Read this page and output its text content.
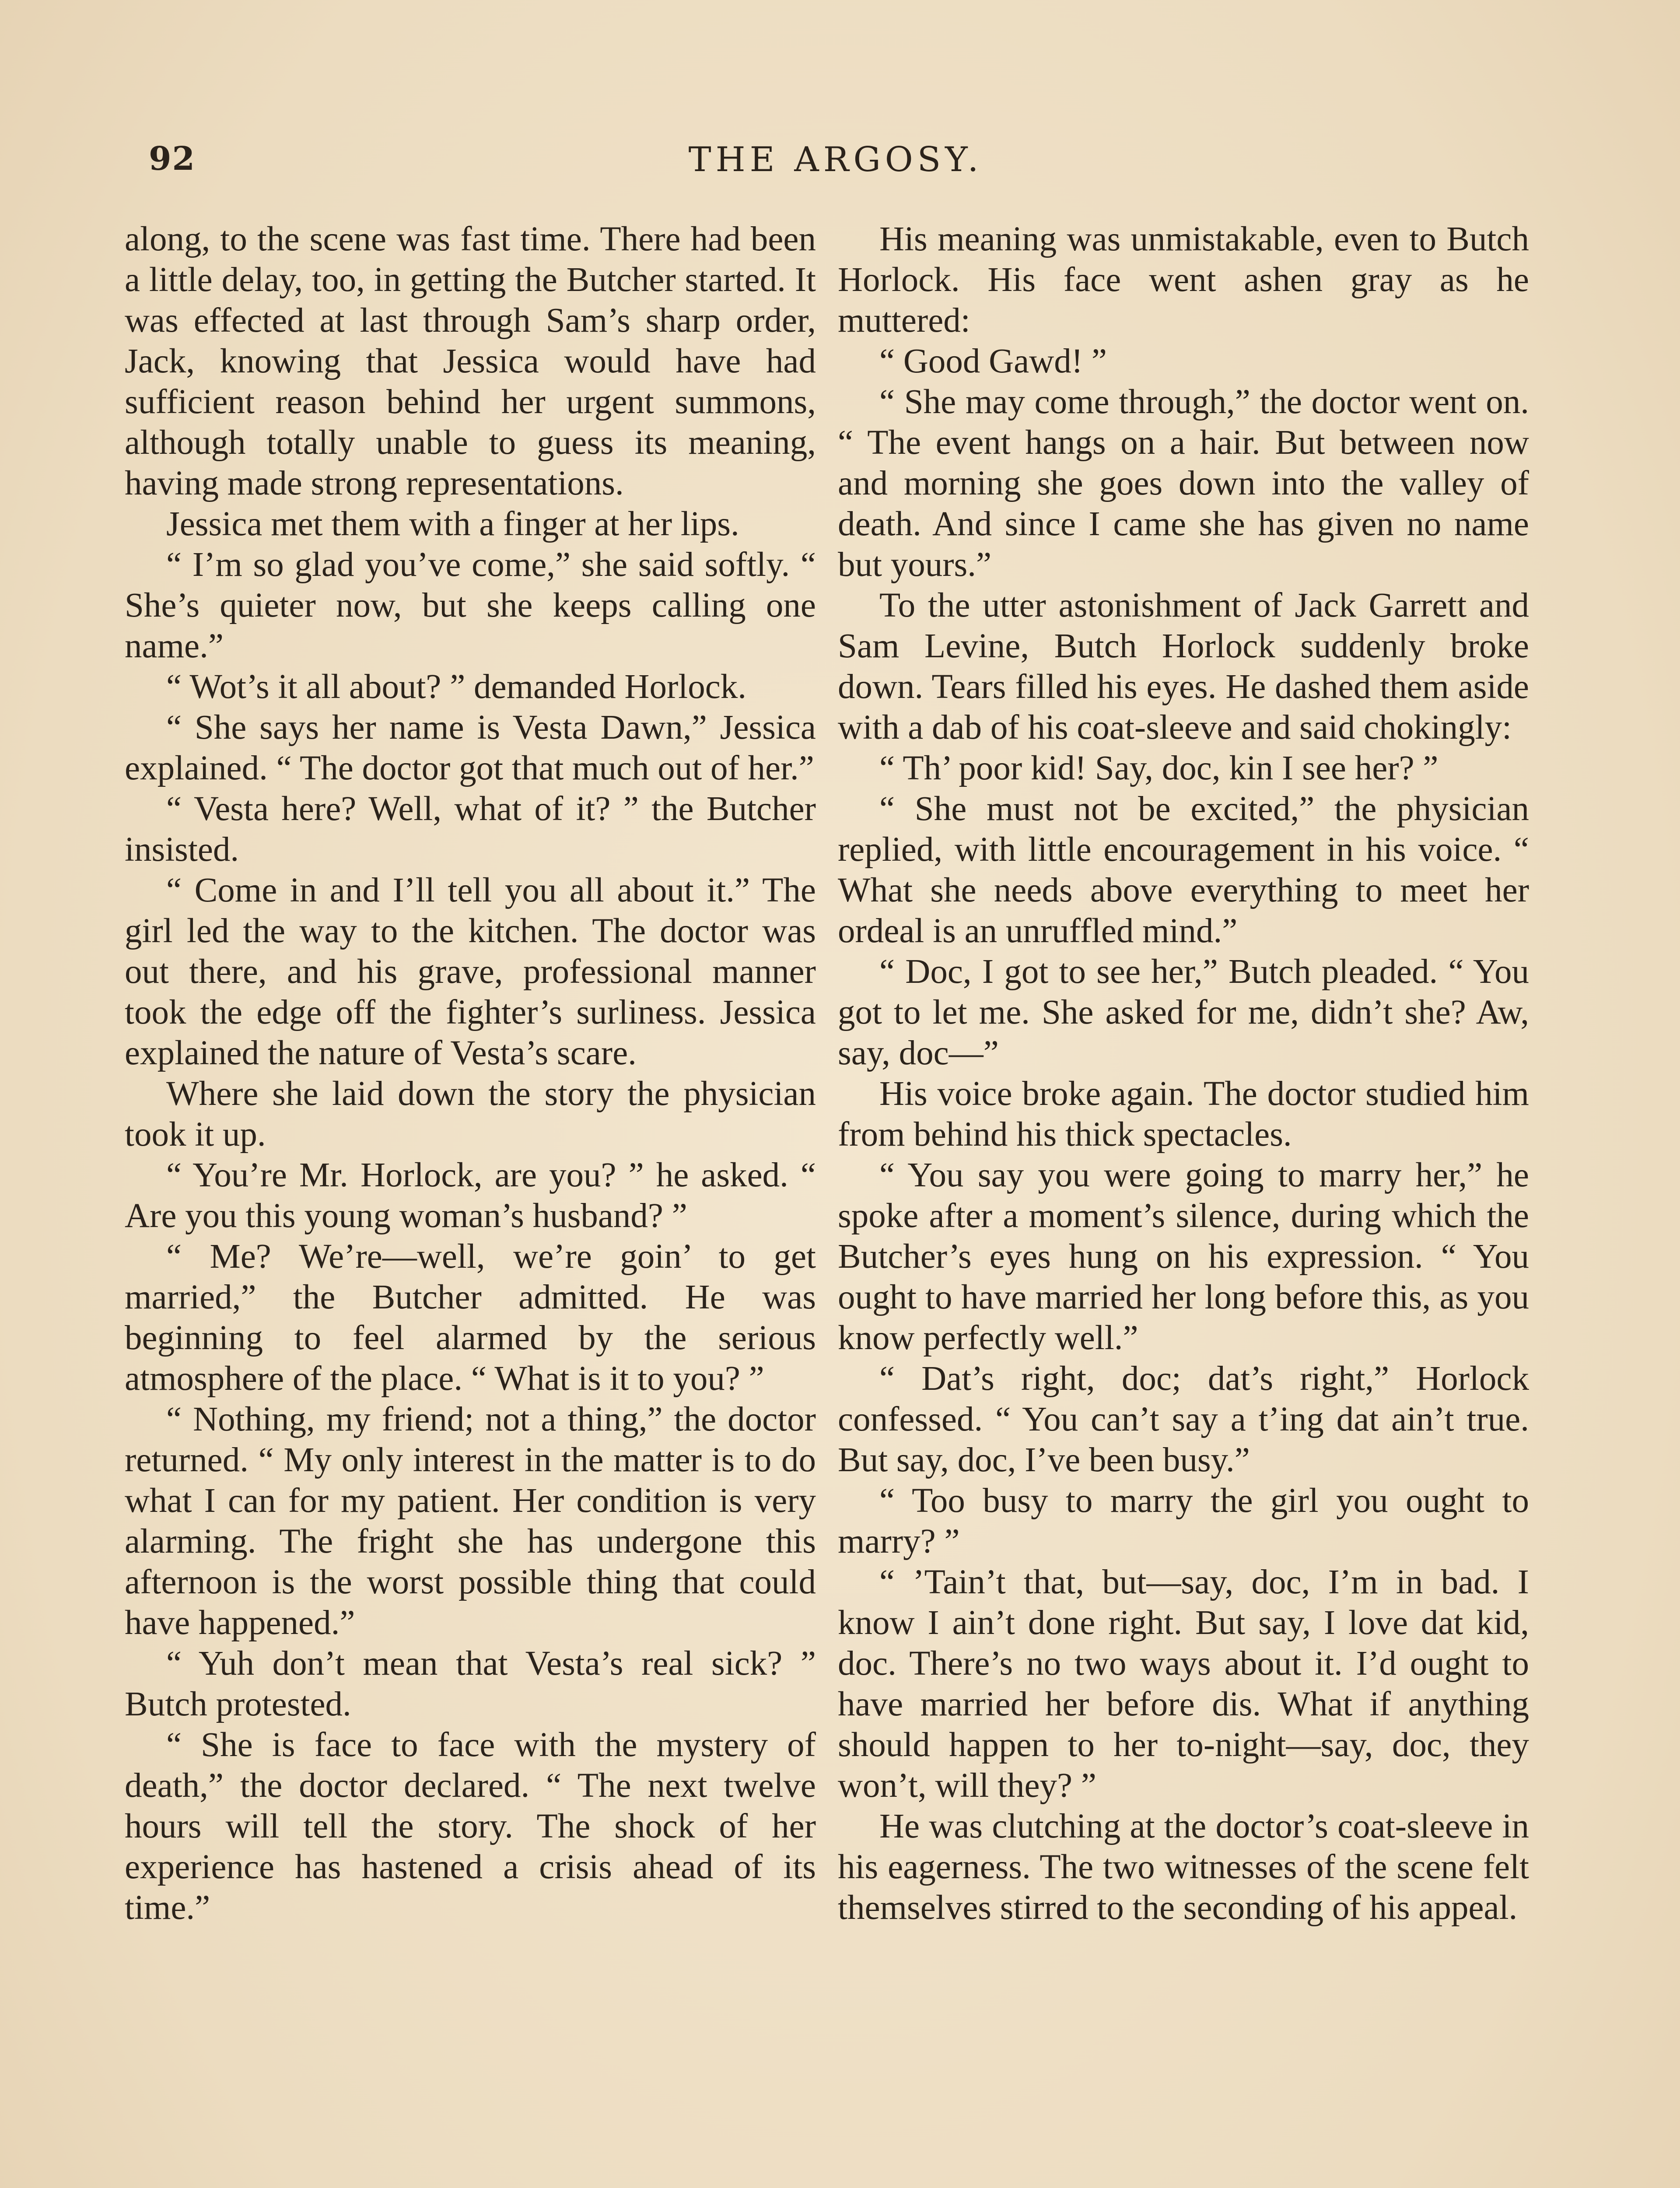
92	THE ARGOSY.

along, to the scene was fast time. There had been a little delay, too, in getting the Butcher started. It was effected at last through Sam’s sharp order, Jack, knowing that Jessica would have had sufficient reason behind her urgent summons, although totally unable to guess its meaning, having made strong representations.

Jessica met them with a finger at her lips.

“ I’m so glad you’ve come,” she said softly. “ She’s quieter now, but she keeps calling one name.”

“ Wot’s it all about? ” demanded Horlock.

“ She says her name is Vesta Dawn,” Jessica explained. “ The doctor got that much out of her.”

“ Vesta here? Well, what of it? ” the Butcher insisted.

“ Come in and I’ll tell you all about it.” The girl led the way to the kitchen. The doctor was out there, and his grave, professional manner took the edge off the fighter’s surliness. Jessica explained the nature of Vesta’s scare.

Where she laid down the story the physician took it up.

“ You’re Mr. Horlock, are you? ” he asked. “ Are you this young woman’s husband? ”

“ Me? We’re—well, we’re goin’ to get married,” the Butcher admitted. He was beginning to feel alarmed by the serious atmosphere of the place. “ What is it to you? ”

“ Nothing, my friend; not a thing,” the doctor returned. “ My only interest in the matter is to do what I can for my patient. Her condition is very alarming. The fright she has undergone this afternoon is the worst possible thing that could have happened.”

“ Yuh don’t mean that Vesta’s real sick? ” Butch protested.

“ She is face to face with the mystery of death,” the doctor declared. “ The next twelve hours will tell the story. The shock of her experience has hastened a crisis ahead of its time.”

His meaning was unmistakable, even to Butch Horlock. His face went ashen gray as he muttered:

“ Good Gawd! ”

“ She may come through,” the doctor went on. “ The event hangs on a hair. But between now and morning she goes down into the valley of death. And since I came she has given no name but yours.”

To the utter astonishment of Jack Garrett and Sam Levine, Butch Horlock suddenly broke down. Tears filled his eyes. He dashed them aside with a dab of his coat-sleeve and said chokingly:

“ Th’ poor kid! Say, doc, kin I see her? ”

“ She must not be excited,” the physician replied, with little encouragement in his voice. “ What she needs above everything to meet her ordeal is an unruffled mind.”

“ Doc, I got to see her,” Butch pleaded. “ You got to let me. She asked for me, didn’t she? Aw, say, doc—”

His voice broke again. The doctor studied him from behind his thick spectacles.

“ You say you were going to marry her,” he spoke after a moment’s silence, during which the Butcher’s eyes hung on his expression. “ You ought to have married her long before this, as you know perfectly well.”

“ Dat’s right, doc; dat’s right,” Horlock confessed. “ You can’t say a t’ing dat ain’t true. But say, doc, I’ve been busy.”

“ Too busy to marry the girl you ought to marry? ”

“ ’Tain’t that, but—say, doc, I’m in bad. I know I ain’t done right. But say, I love dat kid, doc. There’s no two ways about it. I’d ought to have married her before dis. What if anything should happen to her to-night—say, doc, they won’t, will they? ”

He was clutching at the doctor’s coat-sleeve in his eagerness. The two witnesses of the scene felt themselves stirred to the seconding of his appeal.
